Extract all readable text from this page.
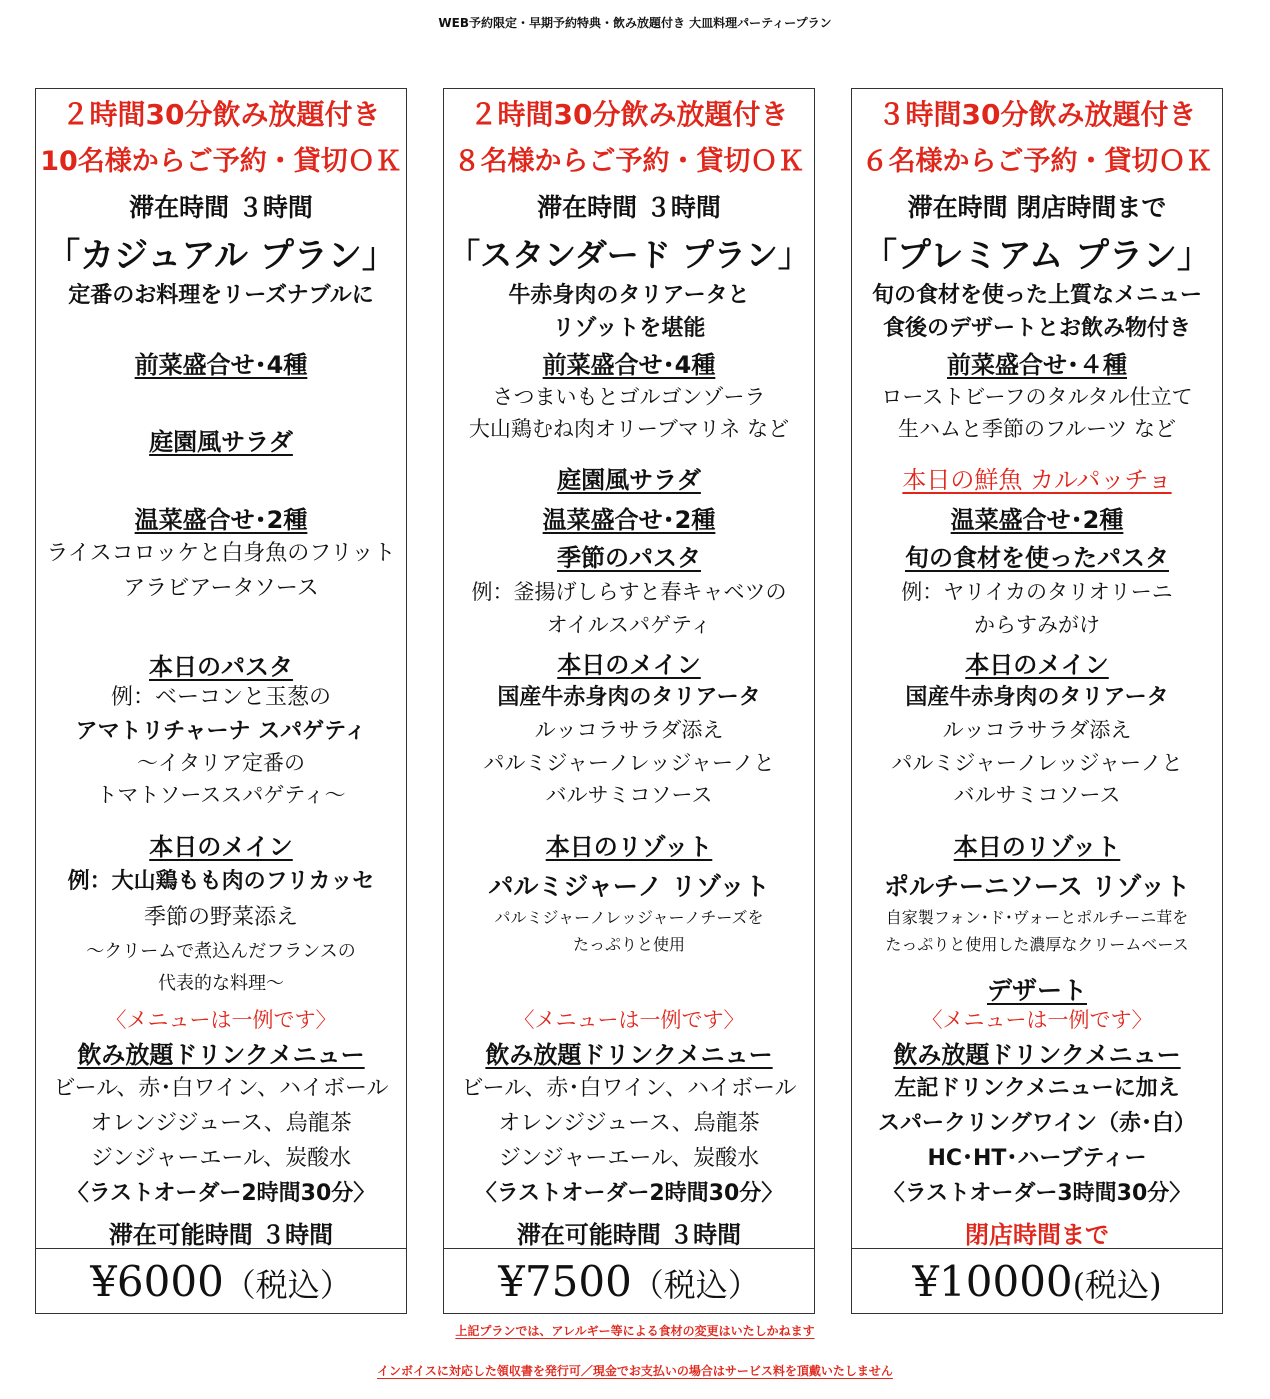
WEB予約限定・早期予約特典・飲み放題付き 大皿料理パーティープラン
２時間30分飲み放題付き
10名様からご予約・貸切ＯＫ
滞在時間 ３時間
「カジュアル プラン」
定番のお料理をリーズナブルに
前菜盛合せ･4種
庭園風サラダ
温菜盛合せ･2種
ライスコロッケと白身魚のフリット
アラビアータソース
本日のパスタ
例：ベーコンと玉葱の
アマトリチャーナ スパゲティ
～イタリア定番の
トマトソーススパゲティ～
本日のメイン
例：大山鶏もも肉のフリカッセ
季節の野菜添え
～クリームで煮込んだフランスの
代表的な料理～
〈メニューは一例です〉
飲み放題ドリンクメニュー
ビール、赤･白ワイン、ハイボール
オレンジジュース、烏龍茶
ジンジャーエール、炭酸水
〈ラストオーダー2時間30分〉
滞在可能時間 ３時間
¥6000（税込）
２時間30分飲み放題付き
８名様からご予約・貸切ＯＫ
滞在時間 ３時間
「スタンダード プラン」
牛赤身肉のタリアータと
リゾットを堪能
前菜盛合せ･4種
さつまいもとゴルゴンゾーラ
大山鶏むね肉オリーブマリネ など
庭園風サラダ
温菜盛合せ･2種
季節のパスタ
例：釜揚げしらすと春キャベツの
オイルスパゲティ
本日のメイン
国産牛赤身肉のタリアータ
ルッコラサラダ添え
パルミジャーノレッジャーノと
バルサミコソース
本日のリゾット
パルミジャーノ リゾット
パルミジャーノレッジャーノチーズを
たっぷりと使用
〈メニューは一例です〉
飲み放題ドリンクメニュー
ビール、赤･白ワイン、ハイボール
オレンジジュース、烏龍茶
ジンジャーエール、炭酸水
〈ラストオーダー2時間30分〉
滞在可能時間 ３時間
¥7500（税込）
３時間30分飲み放題付き
６名様からご予約・貸切ＯＫ
滞在時間 閉店時間まで
「プレミアム プラン」
旬の食材を使った上質なメニュー
食後のデザートとお飲み物付き
前菜盛合せ･４種
ローストビーフのタルタル仕立て
生ハムと季節のフルーツ など
本日の鮮魚 カルパッチョ
温菜盛合せ･2種
旬の食材を使ったパスタ
例：ヤリイカのタリオリーニ
からすみがけ
本日のメイン
国産牛赤身肉のタリアータ
ルッコラサラダ添え
パルミジャーノレッジャーノと
バルサミコソース
本日のリゾット
ポルチーニソース リゾット
自家製フォン･ド･ヴォーとポルチーニ茸を
たっぷりと使用した濃厚なクリームベース
デザート
〈メニューは一例です〉
飲み放題ドリンクメニュー
左記ドリンクメニューに加え
スパークリングワイン（赤･白）
HC･HT･ハーブティー
〈ラストオーダー3時間30分〉
閉店時間まで
¥10000(税込)
上記プランでは、アレルギー等による食材の変更はいたしかねます
インボイスに対応した領収書を発行可／現金でお支払いの場合はサービス料を頂戴いたしません
